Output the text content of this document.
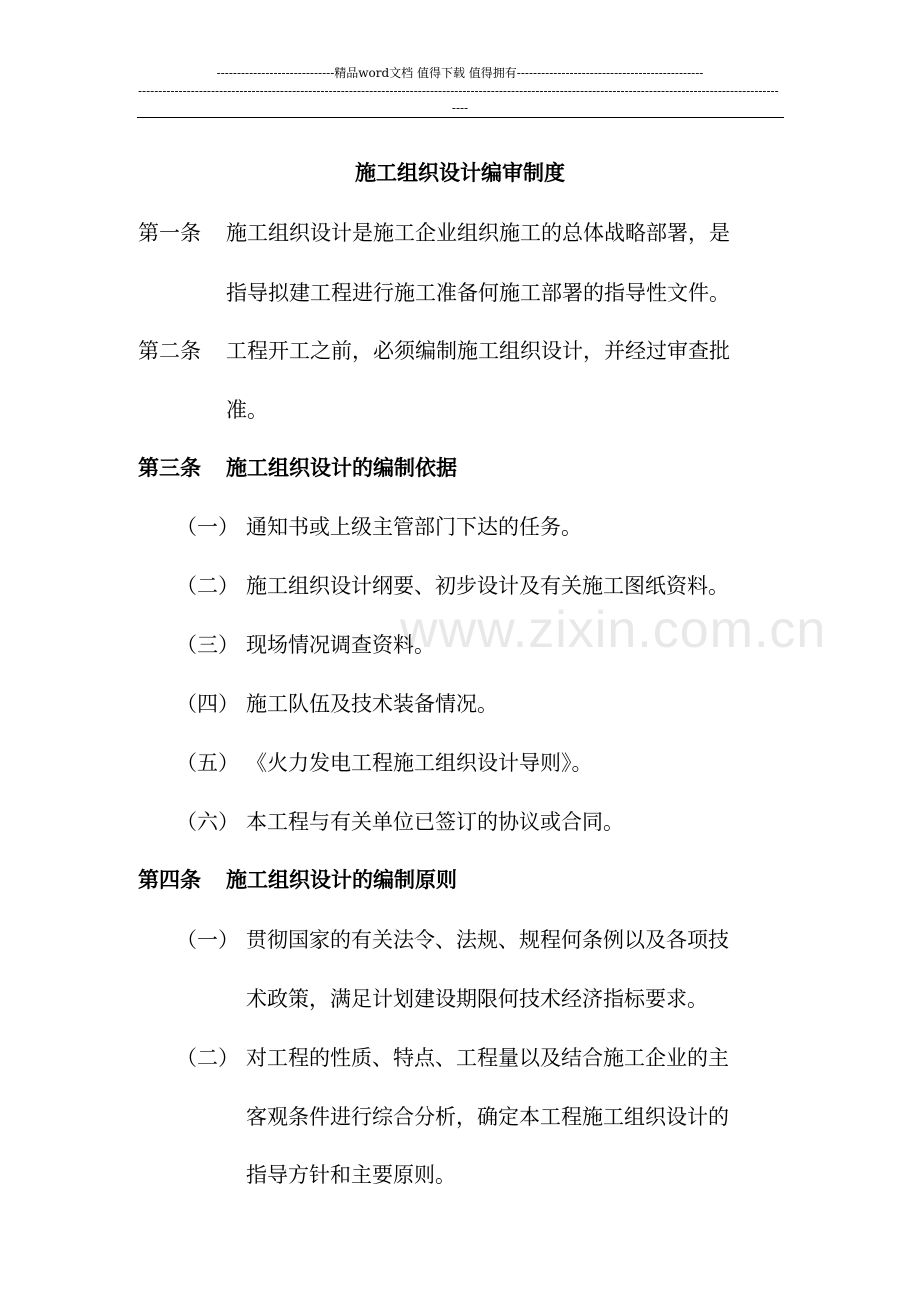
-----------------------------精品word文档 值得下载 值得拥有----------------------------------------------
--------------------------------------------------------------------------------------------------------------------------------------------------------------
----
www.zixin.com.cn
施工组织设计编审制度
第一条 施工组织设计是施工企业组织施工的总体战略部署，是
指导拟建工程进行施工准备何施工部署的指导性文件。
第二条 工程开工之前，必须编制施工组织设计，并经过审查批
准。
第三条 施工组织设计的编制依据
（一） 通知书或上级主管部门下达的任务。
（二） 施工组织设计纲要、初步设计及有关施工图纸资料。
（三） 现场情况调查资料。
（四） 施工队伍及技术装备情况。
（五） 《火力发电工程施工组织设计导则》。
（六） 本工程与有关单位已签订的协议或合同。
第四条 施工组织设计的编制原则
（一） 贯彻国家的有关法令、法规、规程何条例以及各项技
术政策，满足计划建设期限何技术经济指标要求。
（二） 对工程的性质、特点、工程量以及结合施工企业的主
客观条件进行综合分析，确定本工程施工组织设计的
指导方针和主要原则。
